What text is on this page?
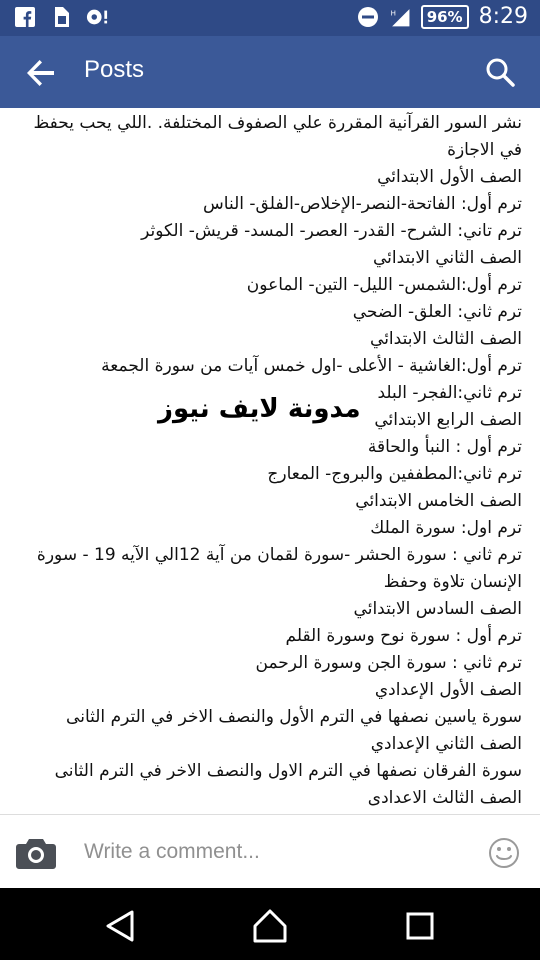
H	96% 8:29
Posts
نشر السور القرآنية المقررة علي الصفوف المختلفة. .اللي يحب يحفظ في الاجازة
الصف الأول الابتدائي
ترم أول: الفاتحة-النصر-الإخلاص-الفلق- الناس
ترم تاني: الشرح- القدر- العصر- المسد- قريش- الكوثر
الصف الثاني الابتدائي
ترم أول:الشمس- الليل- التين- الماعون
ترم ثاني: العلق- الضحي
الصف الثالث الابتدائي
ترم أول:الغاشية - الأعلى -اول خمس آيات من سورة الجمعة
ترم ثاني:الفجر- البلد
الصف الرابع الابتدائي
ترم أول : النبأ والحاقة
ترم ثاني:المطففين والبروج- المعارج
الصف الخامس الابتدائي
ترم اول: سورة الملك
ترم ثاني : سورة الحشر -سورة لقمان من آية 12الي الآيه 19 - سورة الإنسان تلاوة وحفظ
الصف السادس الابتدائي
ترم أول : سورة نوح وسورة القلم
ترم ثاني : سورة الجن وسورة الرحمن
الصف الأول الإعدادي
سورة ياسين نصفها في الترم الأول والنصف الاخر في الترم الثانى
الصف الثاني الإعدادي
سورة الفرقان نصفها في الترم الاول والنصف الاخر في الترم الثانى
الصف الثالث الاعدادى
مدونة لايف نيوز
Write a comment...
